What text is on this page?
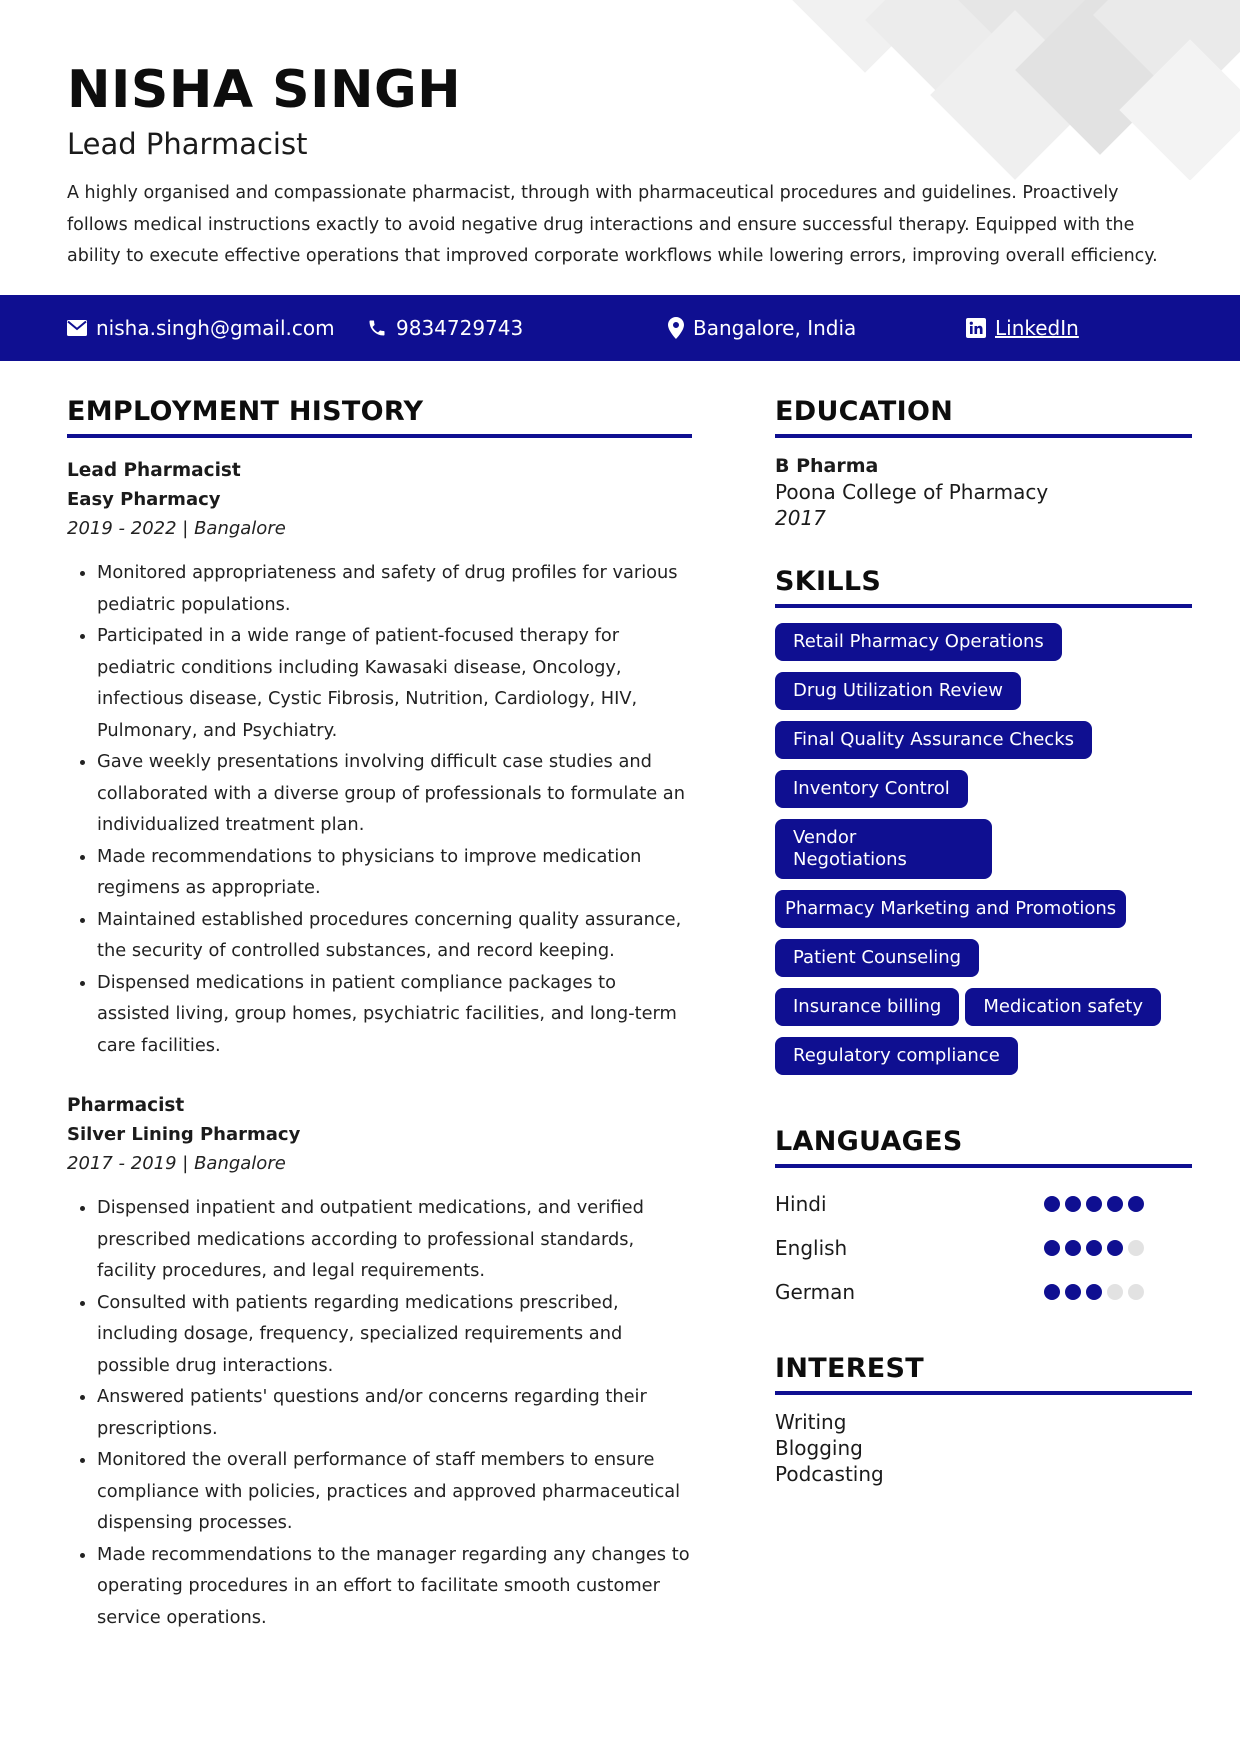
NISHA SINGH
Lead Pharmacist

A highly organised and compassionate pharmacist, through with pharmaceutical procedures and guidelines. Proactively follows medical instructions exactly to avoid negative drug interactions and ensure successful therapy. Equipped with the ability to execute effective operations that improved corporate workflows while lowering errors, improving overall efficiency.

nisha.singh@gmail.com	9834729743	Bangalore, India	LinkedIn
EMPLOYMENT HISTORY
Lead Pharmacist
Easy Pharmacy
2019 - 2022 | Bangalore
• Monitored appropriateness and safety of drug profiles for various pediatric populations.
• Participated in a wide range of patient-focused therapy for pediatric conditions including Kawasaki disease, Oncology, infectious disease, Cystic Fibrosis, Nutrition, Cardiology, HIV, Pulmonary, and Psychiatry.
• Gave weekly presentations involving difficult case studies and collaborated with a diverse group of professionals to formulate an individualized treatment plan.
• Made recommendations to physicians to improve medication regimens as appropriate.
• Maintained established procedures concerning quality assurance, the security of controlled substances, and record keeping.
• Dispensed medications in patient compliance packages to assisted living, group homes, psychiatric facilities, and long-term care facilities.
Pharmacist
Silver Lining Pharmacy
2017 - 2019 | Bangalore
• Dispensed inpatient and outpatient medications, and verified prescribed medications according to professional standards, facility procedures, and legal requirements.
• Consulted with patients regarding medications prescribed, including dosage, frequency, specialized requirements and possible drug interactions.
• Answered patients' questions and/or concerns regarding their prescriptions.
• Monitored the overall performance of staff members to ensure compliance with policies, practices and approved pharmaceutical dispensing processes.
• Made recommendations to the manager regarding any changes to operating procedures in an effort to facilitate smooth customer service operations.
EDUCATION
B Pharma
Poona College of Pharmacy
2017
SKILLS
Retail Pharmacy Operations
Drug Utilization Review
Final Quality Assurance Checks
Inventory Control
Vendor Negotiations
Pharmacy Marketing and Promotions
Patient Counseling
Insurance billing	Medication safety
Regulatory compliance
LANGUAGES
Hindi
English
German
INTEREST
Writing
Blogging
Podcasting
